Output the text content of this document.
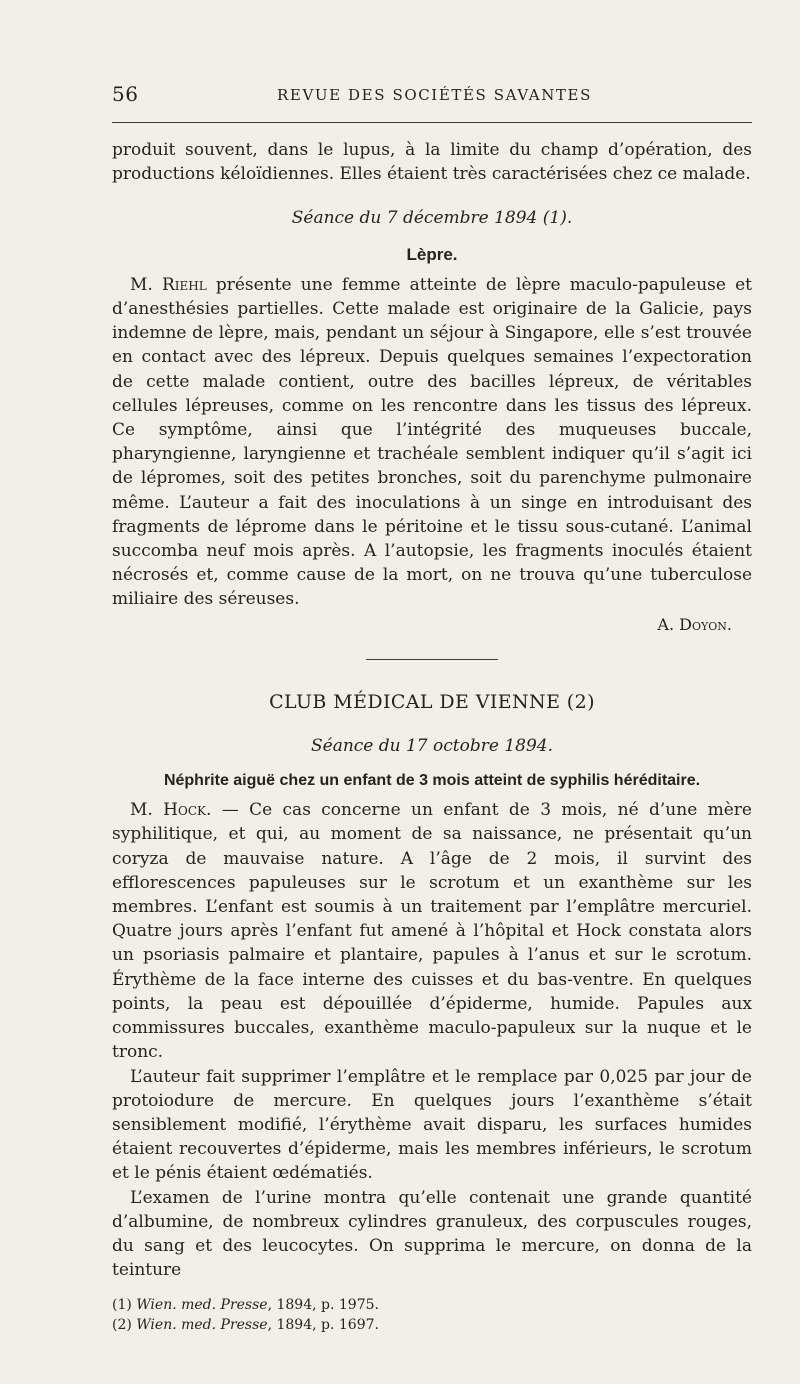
56	REVUE DES SOCIÉTÉS SAVANTES

produit souvent, dans le lupus, à la limite du champ d’opération, des productions kéloïdiennes. Elles étaient très caractérisées chez ce malade.

Séance du 7 décembre 1894 (1).

Lèpre.

M. Riehl présente une femme atteinte de lèpre maculo-papuleuse et d’anesthésies partielles. Cette malade est originaire de la Galicie, pays indemne de lèpre, mais, pendant un séjour à Singapore, elle s’est trouvée en contact avec des lépreux. Depuis quelques semaines l’expectoration de cette malade contient, outre des bacilles lépreux, de véritables cellules lépreuses, comme on les rencontre dans les tissus des lépreux. Ce symptôme, ainsi que l’intégrité des muqueuses buccale, pharyngienne, laryngienne et trachéale semblent indiquer qu’il s’agit ici de lépromes, soit des petites bronches, soit du parenchyme pulmonaire même. L’auteur a fait des inoculations à un singe en introduisant des fragments de léprome dans le péritoine et le tissu sous-cutané. L’animal succomba neuf mois après. A l’autopsie, les fragments inoculés étaient nécrosés et, comme cause de la mort, on ne trouva qu’une tuberculose miliaire des séreuses.

A. Doyon.

CLUB MÉDICAL DE VIENNE (2)

Séance du 17 octobre 1894.

Néphrite aiguë chez un enfant de 3 mois atteint de syphilis héréditaire.

M. Hock. — Ce cas concerne un enfant de 3 mois, né d’une mère syphilitique, et qui, au moment de sa naissance, ne présentait qu’un coryza de mauvaise nature. A l’âge de 2 mois, il survint des efflorescences papuleuses sur le scrotum et un exanthème sur les membres. L’enfant est soumis à un traitement par l’emplâtre mercuriel. Quatre jours après l’enfant fut amené à l’hôpital et Hock constata alors un psoriasis palmaire et plantaire, papules à l’anus et sur le scrotum. Érythème de la face interne des cuisses et du bas-ventre. En quelques points, la peau est dépouillée d’épiderme, humide. Papules aux commissures buccales, exanthème maculo-papuleux sur la nuque et le tronc.

L’auteur fait supprimer l’emplâtre et le remplace par 0,025 par jour de protoiodure de mercure. En quelques jours l’exanthème s’était sensiblement modifié, l’érythème avait disparu, les surfaces humides étaient recouvertes d’épiderme, mais les membres inférieurs, le scrotum et le pénis étaient œdématiés.

L’examen de l’urine montra qu’elle contenait une grande quantité d’albumine, de nombreux cylindres granuleux, des corpuscules rouges, du sang et des leucocytes. On supprima le mercure, on donna de la teinture

(1) Wien. med. Presse, 1894, p. 1975.

(2) Wien. med. Presse, 1894, p. 1697.
